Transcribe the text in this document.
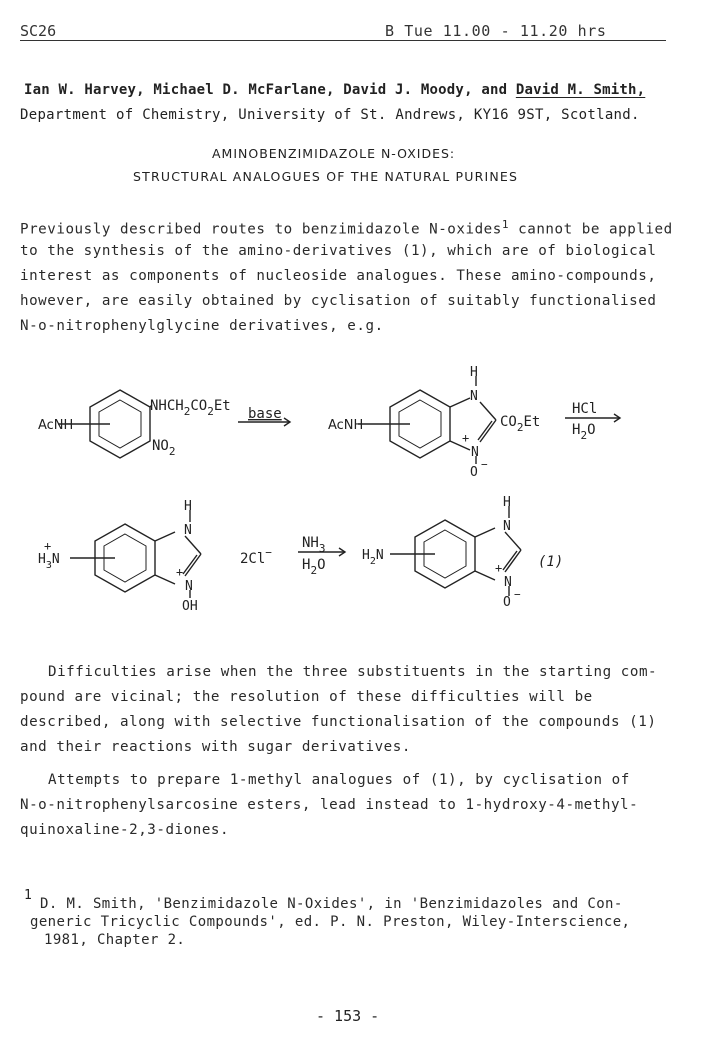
SC26	B Tue 11.00 - 11.20 hrs
Ian W. Harvey, Michael D. McFarlane, David J. Moody, and David M. Smith,
Department of Chemistry, University of St. Andrews, KY16 9ST, Scotland.
AMINOBENZIMIDAZOLE N-OXIDES:
STRUCTURAL ANALOGUES OF THE NATURAL PURINES
Previously described routes to benzimidazole N-oxides$^1$ cannot be applied
to the synthesis of the amino-derivatives (1), which are of biological
interest as components of nucleoside analogues. These amino-compounds,
however, are easily obtained by cyclisation of suitably functionalised
N-o-nitrophenylglycine derivatives, e.g.
AcNH
$NHCH_2CO_2Et$
$NO_2$
base
AcNH
H
N
+
N
O
−
$CO_2Et$
HCl
$H_2O$
+
$H_3N$
H
N
+
N
OH
2Cl−
$NH_3$
$H_2O$
$H_2N$
H
N
+
N
O
−
(1)
Difficulties arise when the three substituents in the starting com-
pound are vicinal; the resolution of these difficulties will be
described, along with selective functionalisation of the compounds (1)
and their reactions with sugar derivatives.
Attempts to prepare 1-methyl analogues of (1), by cyclisation of
N-o-nitrophenylsarcosine esters, lead instead to 1-hydroxy-4-methyl-
quinoxaline-2,3-diones.
1
D. M. Smith, 'Benzimidazole N-Oxides', in 'Benzimidazoles and Con-
generic Tricyclic Compounds', ed. P. N. Preston, Wiley-Interscience,
1981, Chapter 2.
- 153 -
